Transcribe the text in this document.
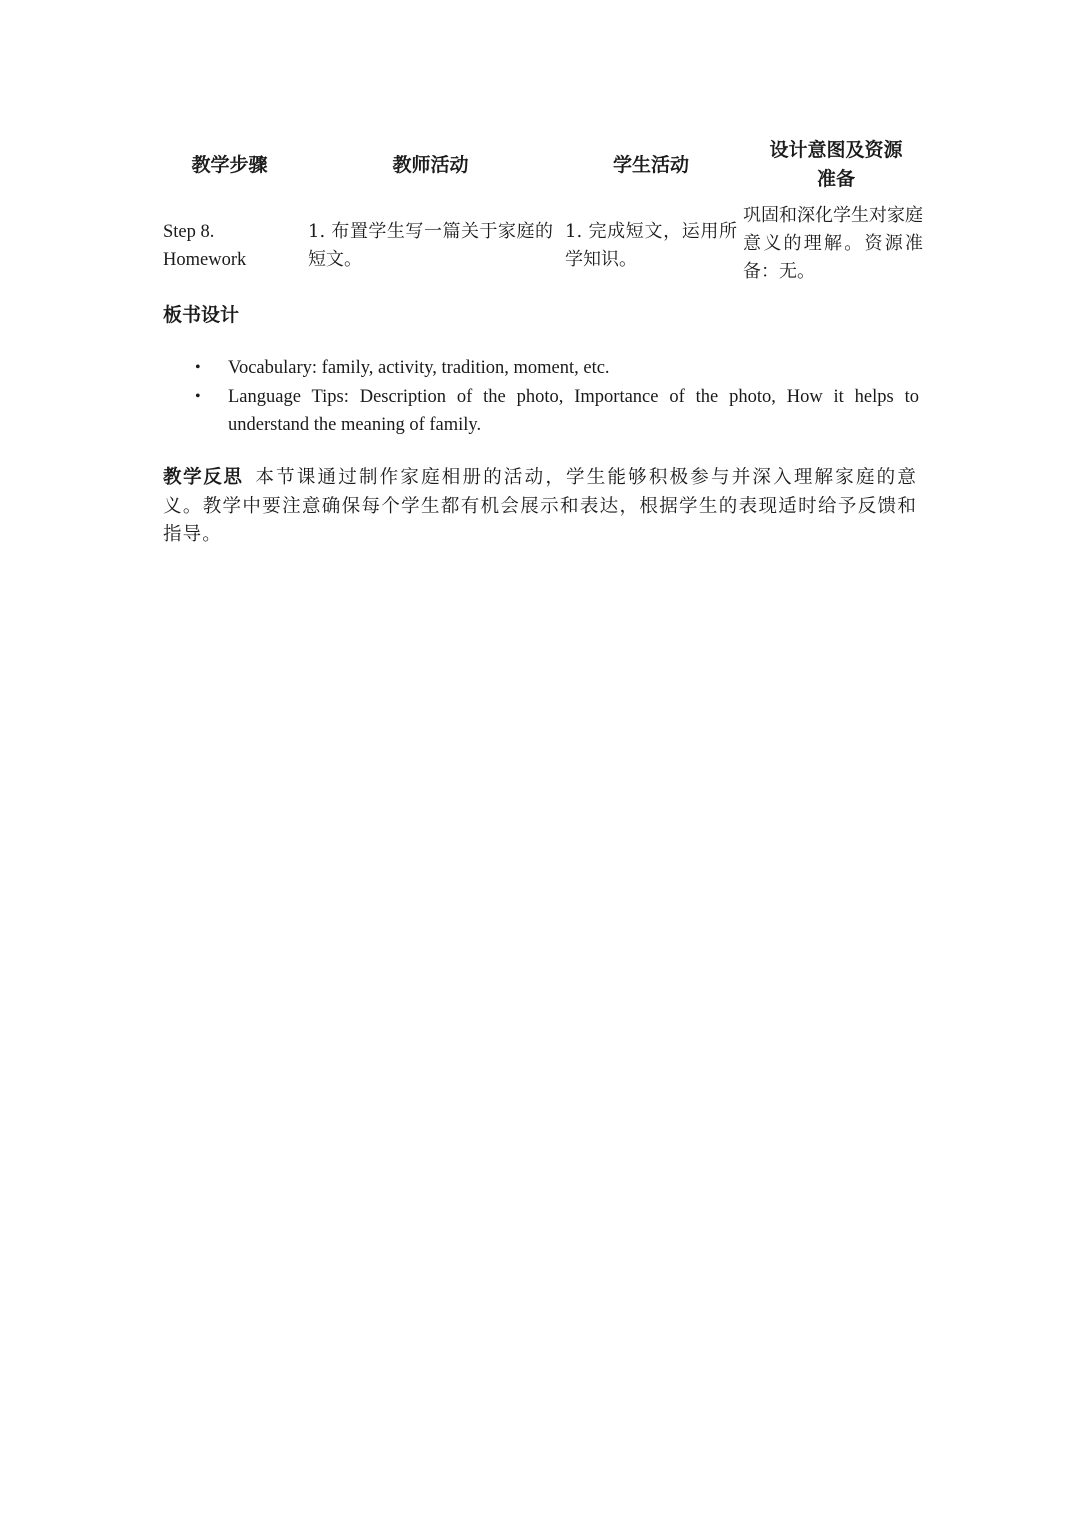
教学步骤	教师活动	学生活动	设计意图及资源
准备
Step 8.
Homework	1. 布置学生写一篇关于家庭的短文。	1. 完成短文，运用所学知识。	巩固和深化学生对家庭意义的理解。资源准备：无。
板书设计
• Vocabulary: family, activity, tradition, moment, etc.
• Language Tips: Description of the photo, Importance of the photo, How it helps to understand the meaning of family.
教学反思 本节课通过制作家庭相册的活动，学生能够积极参与并深入理解家庭的意义。教学中要注意确保每个学生都有机会展示和表达，根据学生的表现适时给予反馈和指导。
